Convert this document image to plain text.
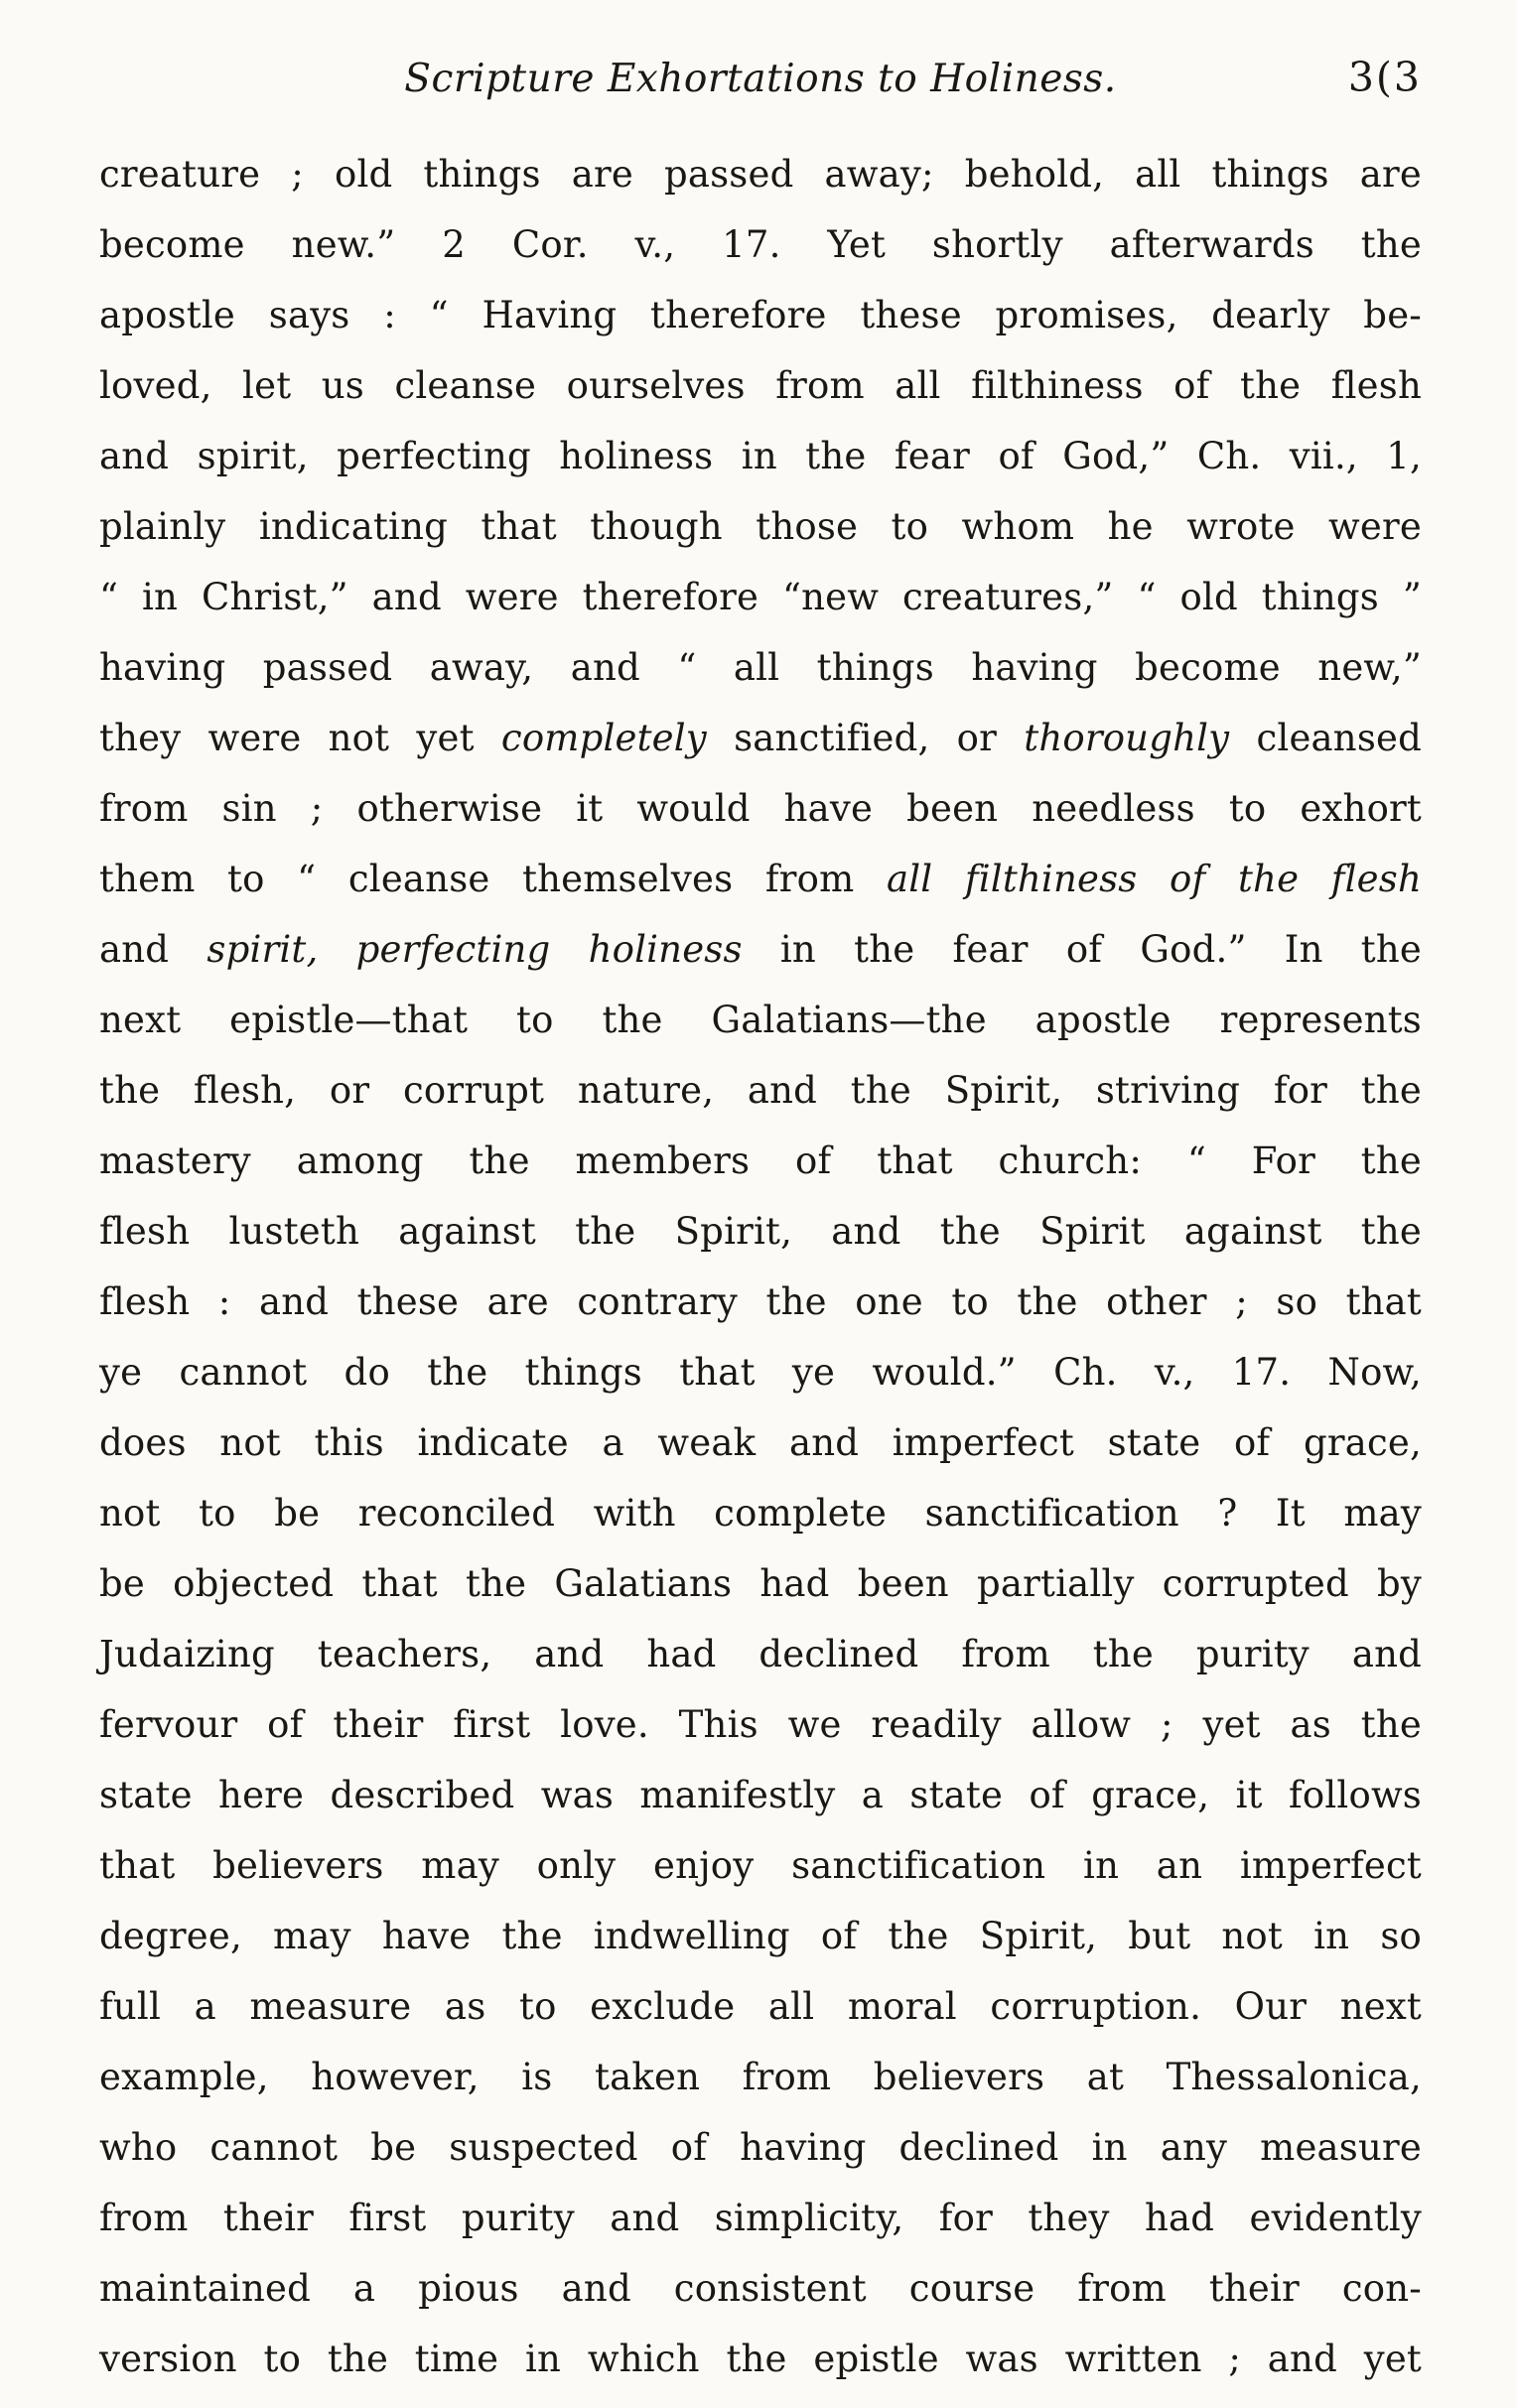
Scripture Exhortations to Holiness.	3(3
creature ; old things are passed away; behold, all things are
become new.” 2 Cor. v., 17. Yet shortly afterwards the
apostle says : “ Having therefore these promises, dearly be-
loved, let us cleanse ourselves from all filthiness of the flesh
and spirit, perfecting holiness in the fear of God,” Ch. vii., 1,
plainly indicating that though those to whom he wrote were
“ in Christ,” and were therefore “new creatures,” “ old things ”
having passed away, and “ all things having become new,”
they were not yet completely sanctified, or thoroughly cleansed
from sin ; otherwise it would have been needless to exhort
them to “ cleanse themselves from all filthiness of the flesh
and spirit, perfecting holiness in the fear of God.” In the
next epistle—that to the Galatians—the apostle represents
the flesh, or corrupt nature, and the Spirit, striving for the
mastery among the members of that church: “ For the
flesh lusteth against the Spirit, and the Spirit against the
flesh : and these are contrary the one to the other ; so that
ye cannot do the things that ye would.” Ch. v., 17. Now,
does not this indicate a weak and imperfect state of grace,
not to be reconciled with complete sanctification ? It may
be objected that the Galatians had been partially corrupted by
Judaizing teachers, and had declined from the purity and
fervour of their first love. This we readily allow ; yet as the
state here described was manifestly a state of grace, it follows
that believers may only enjoy sanctification in an imperfect
degree, may have the indwelling of the Spirit, but not in so
full a measure as to exclude all moral corruption. Our next
example, however, is taken from believers at Thessalonica,
who cannot be suspected of having declined in any measure
from their first purity and simplicity, for they had evidently
maintained a pious and consistent course from their con-
version to the time in which the epistle was written ; and yet
